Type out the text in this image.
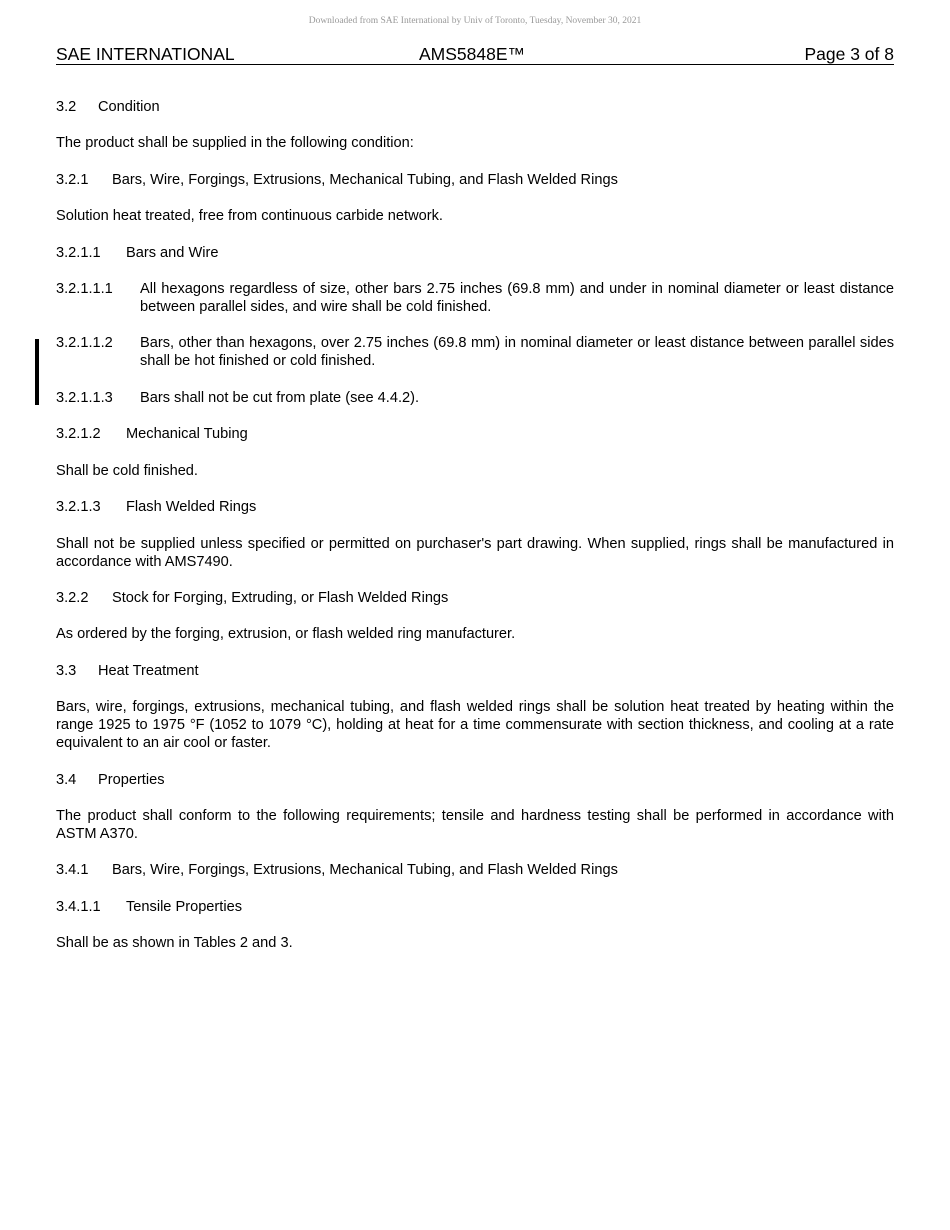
Downloaded from SAE International by Univ of Toronto, Tuesday, November 30, 2021
SAE INTERNATIONAL	AMS5848E™	Page 3 of 8
3.2 Condition
The product shall be supplied in the following condition:
3.2.1 Bars, Wire, Forgings, Extrusions, Mechanical Tubing, and Flash Welded Rings
Solution heat treated, free from continuous carbide network.
3.2.1.1 Bars and Wire
3.2.1.1.1 All hexagons regardless of size, other bars 2.75 inches (69.8 mm) and under in nominal diameter or least distance between parallel sides, and wire shall be cold finished.
3.2.1.1.2 Bars, other than hexagons, over 2.75 inches (69.8 mm) in nominal diameter or least distance between parallel sides shall be hot finished or cold finished.
3.2.1.1.3 Bars shall not be cut from plate (see 4.4.2).
3.2.1.2 Mechanical Tubing
Shall be cold finished.
3.2.1.3 Flash Welded Rings
Shall not be supplied unless specified or permitted on purchaser's part drawing. When supplied, rings shall be manufactured in accordance with AMS7490.
3.2.2 Stock for Forging, Extruding, or Flash Welded Rings
As ordered by the forging, extrusion, or flash welded ring manufacturer.
3.3 Heat Treatment
Bars, wire, forgings, extrusions, mechanical tubing, and flash welded rings shall be solution heat treated by heating within the range 1925 to 1975 °F (1052 to 1079 °C), holding at heat for a time commensurate with section thickness, and cooling at a rate equivalent to an air cool or faster.
3.4 Properties
The product shall conform to the following requirements; tensile and hardness testing shall be performed in accordance with ASTM A370.
3.4.1 Bars, Wire, Forgings, Extrusions, Mechanical Tubing, and Flash Welded Rings
3.4.1.1 Tensile Properties
Shall be as shown in Tables 2 and 3.
